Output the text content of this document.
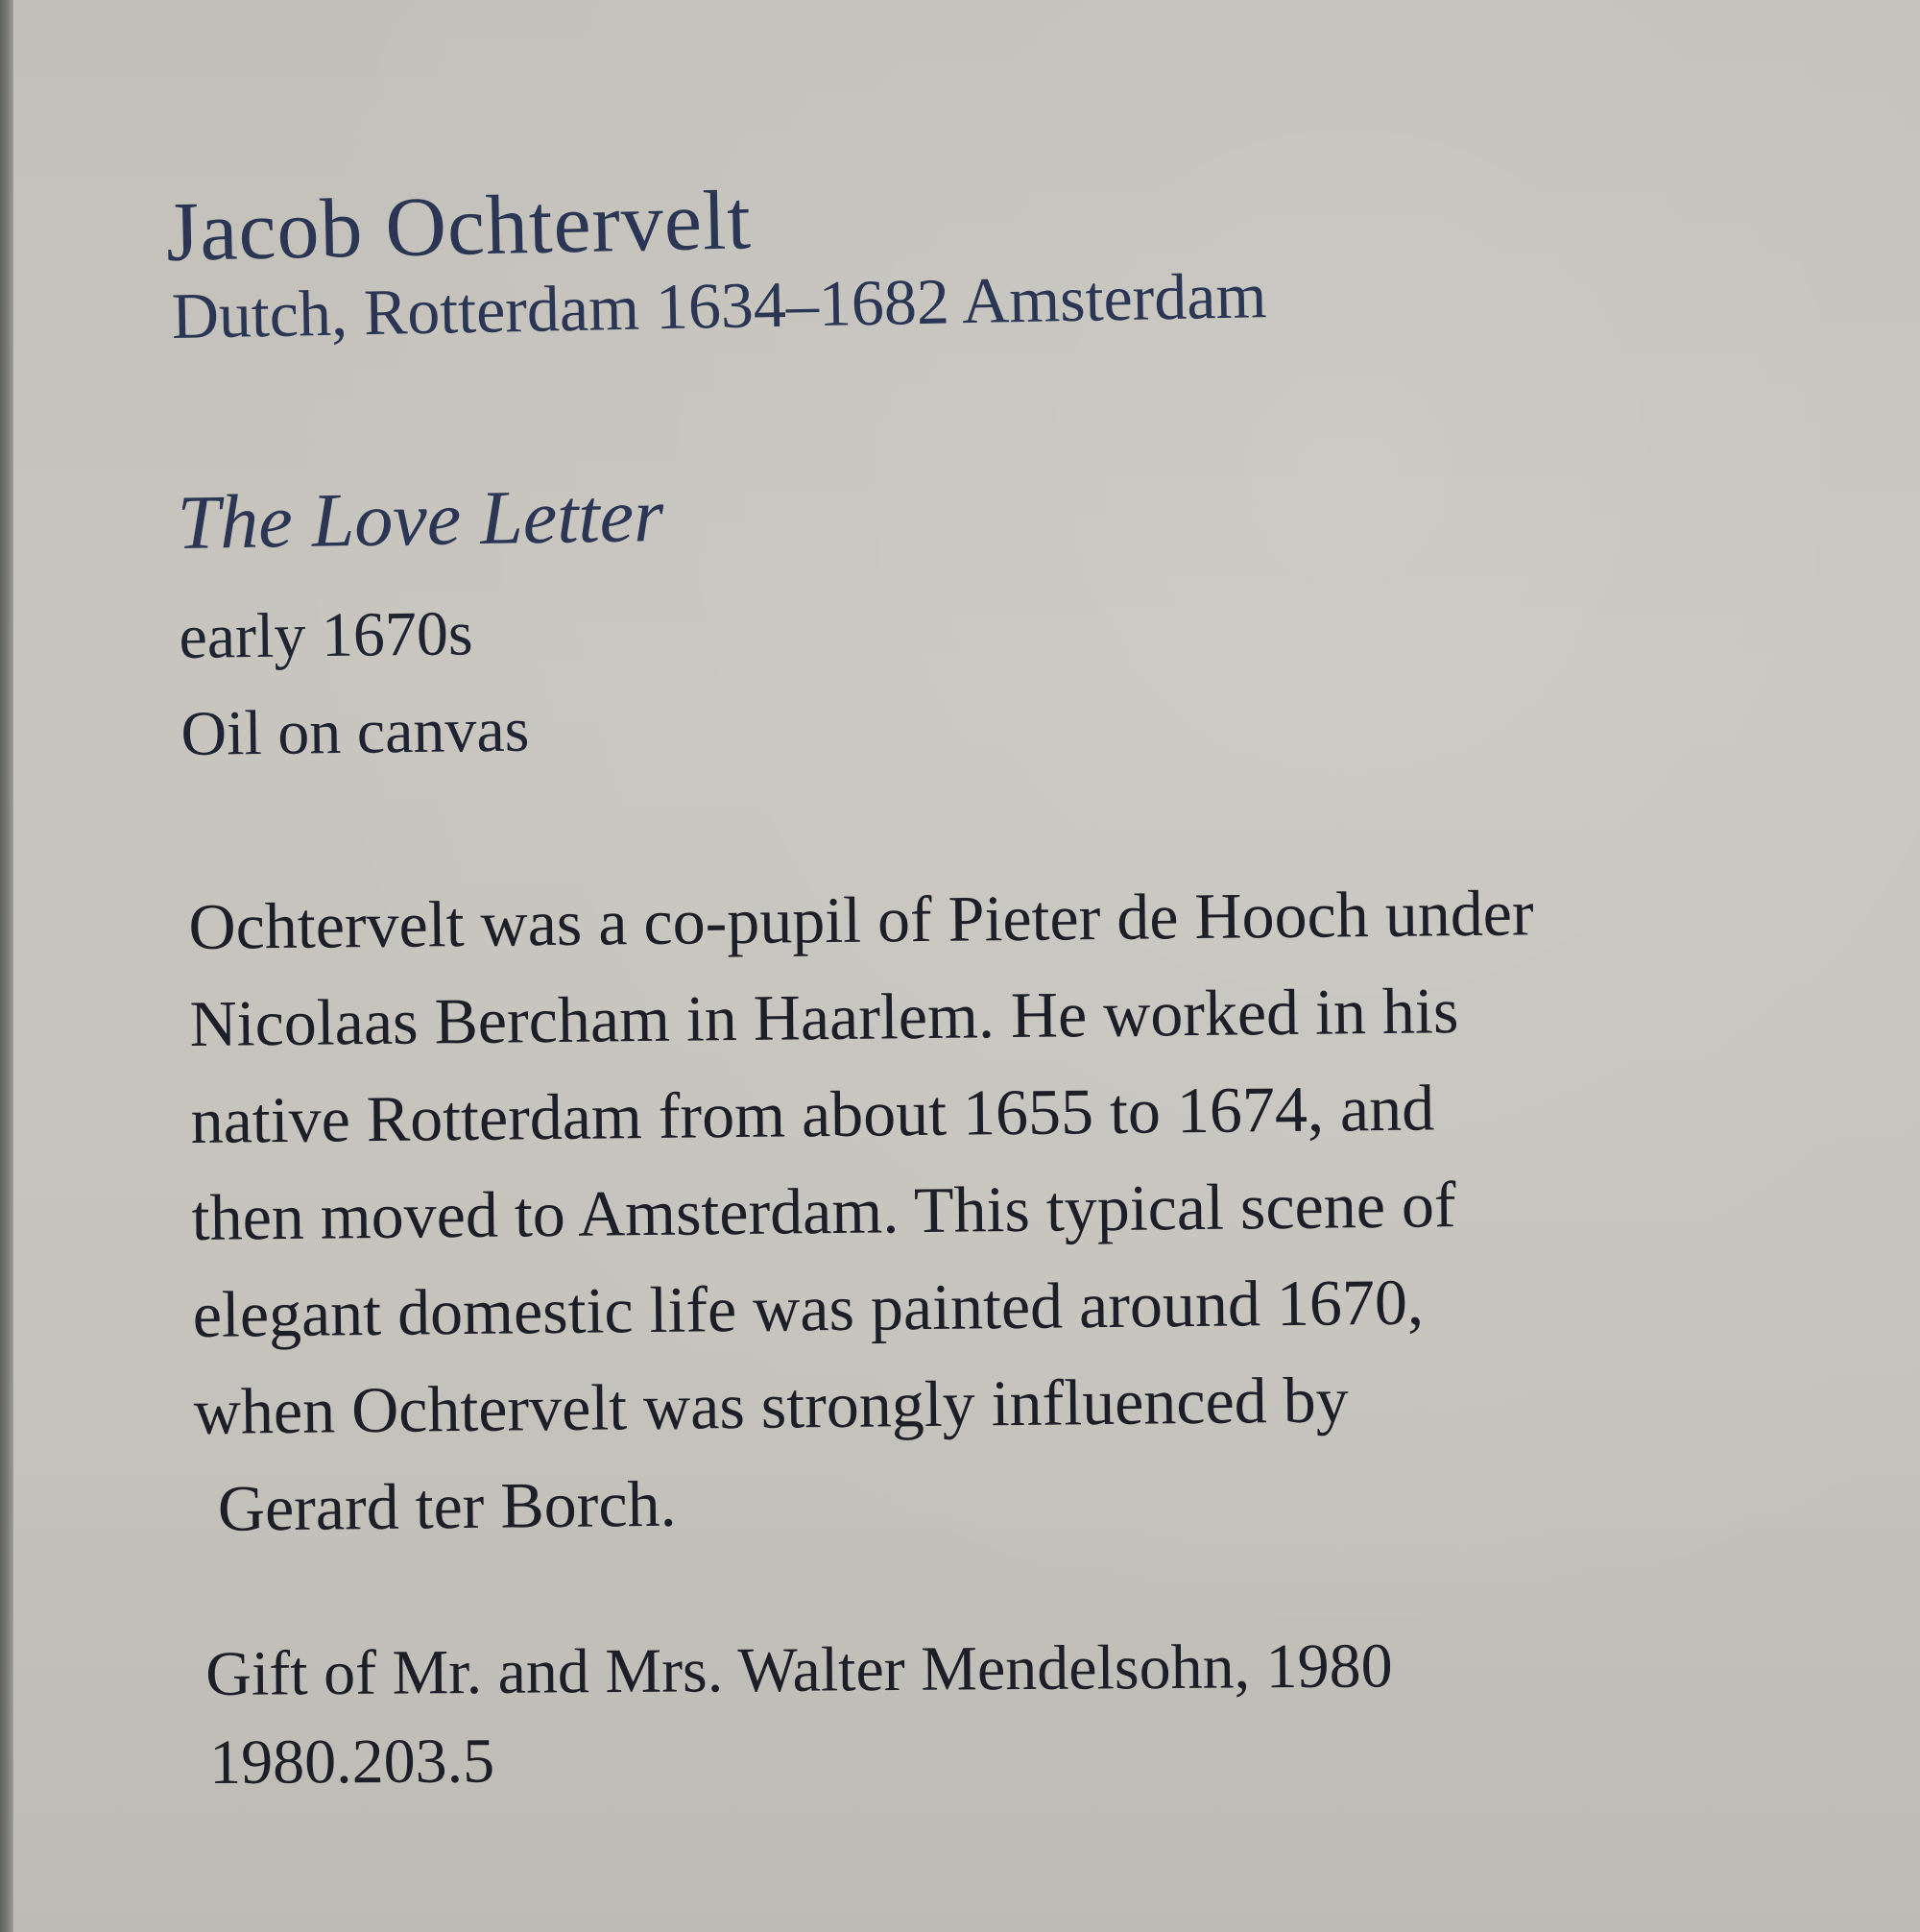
Jacob Ochtervelt
Dutch, Rotterdam 1634–1682 Amsterdam
The Love Letter
early 1670s
Oil on canvas
Ochtervelt was a co-pupil of Pieter de Hooch under
Nicolaas Bercham in Haarlem. He worked in his
native Rotterdam from about 1655 to 1674, and
then moved to Amsterdam. This typical scene of
elegant domestic life was painted around 1670,
when Ochtervelt was strongly influenced by
Gerard ter Borch.
Gift of Mr. and Mrs. Walter Mendelsohn, 1980
1980.203.5
